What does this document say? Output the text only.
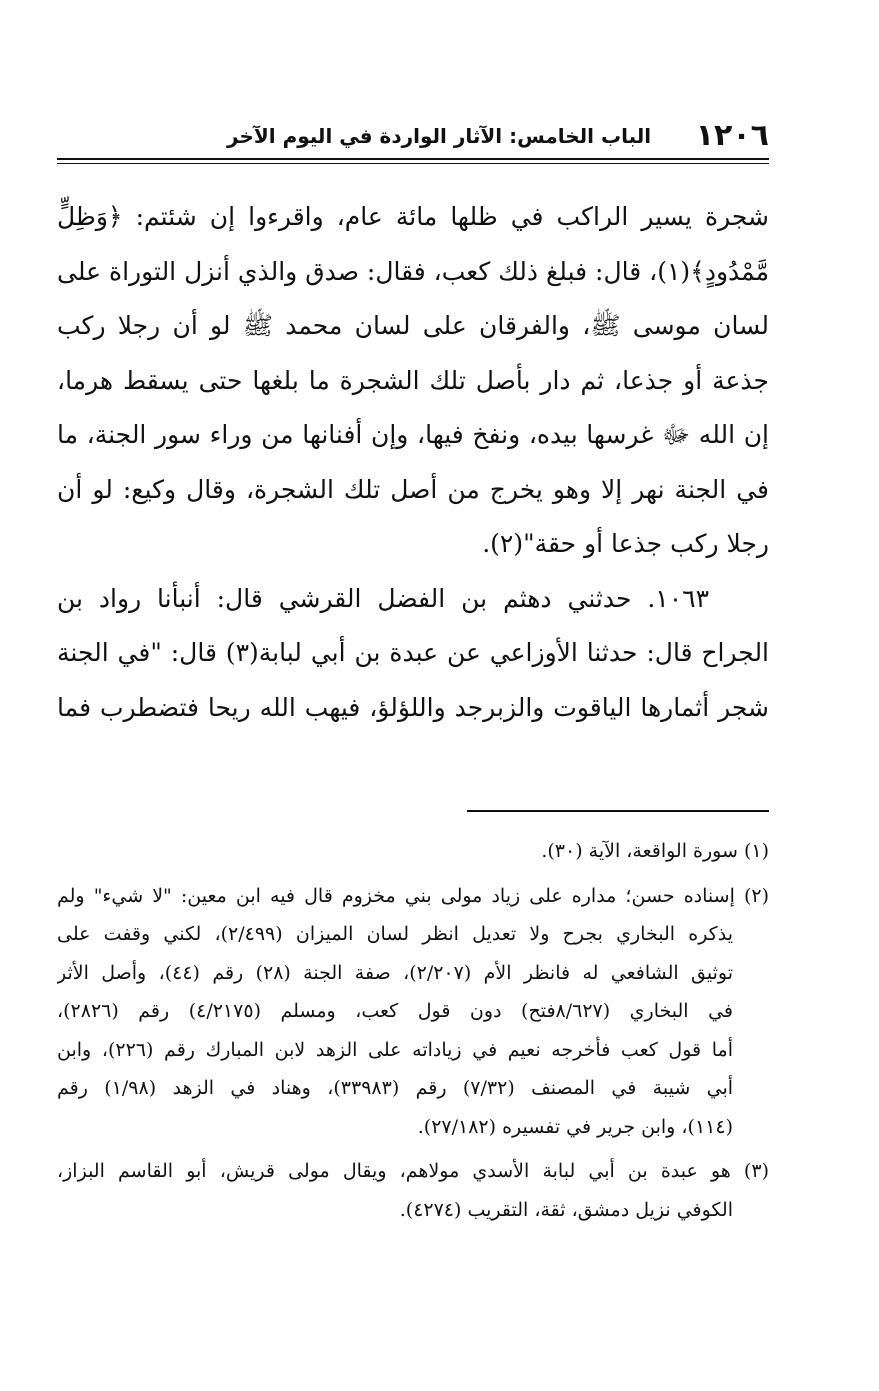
١٢٠٦
الباب الخامس: الآثار الواردة في اليوم الآخر
شجرة يسير الراكب في ظلها مائة عام، واقرءوا إن شئتم: ﴿وَظِلٍّ
مَّمْدُودٍ﴾(١)، قال: فبلغ ذلك كعب، فقال: صدق والذي أنزل التوراة على
لسان موسى ﷺ، والفرقان على لسان محمد ﷺ لو أن رجلا ركب
جذعة أو جذعا، ثم دار بأصل تلك الشجرة ما بلغها حتى يسقط هرما،
إن الله ﷻ غرسها بيده، ونفخ فيها، وإن أفنانها من وراء سور الجنة، ما
في الجنة نهر إلا وهو يخرج من أصل تلك الشجرة، وقال وكيع: لو أن
رجلا ركب جذعا أو حقة"(٢).
١٠٦٣. حدثني دهثم بن الفضل القرشي قال: أنبأنا رواد بن
الجراح قال: حدثنا الأوزاعي عن عبدة بن أبي لبابة(٣) قال: "في الجنة
شجر أثمارها الياقوت والزبرجد واللؤلؤ، فيهب الله ريحا فتضطرب فما
(١) سورة الواقعة، الآية (٣٠).
(٢) إسناده حسن؛ مداره على زياد مولى بني مخزوم قال فيه ابن معين: "لا شيء" ولم
يذكره البخاري بجرح ولا تعديل انظر لسان الميزان (٢/٤٩٩)، لكني وقفت على
توثيق الشافعي له فانظر الأم (٢/٢٠٧)، صفة الجنة (٢٨) رقم (٤٤)، وأصل الأثر
في البخاري (٨/٦٢٧فتح) دون قول كعب، ومسلم (٤/٢١٧٥) رقم (٢٨٢٦)،
أما قول كعب فأخرجه نعيم في زياداته على الزهد لابن المبارك رقم (٢٢٦)، وابن
أبي شيبة في المصنف (٧/٣٢) رقم (٣٣٩٨٣)، وهناد في الزهد (١/٩٨) رقم
(١١٤)، وابن جرير في تفسيره (٢٧/١٨٢).
(٣) هو عبدة بن أبي لبابة الأسدي مولاهم، ويقال مولى قريش، أبو القاسم البزاز،
الكوفي نزيل دمشق، ثقة، التقريب (٤٢٧٤).
